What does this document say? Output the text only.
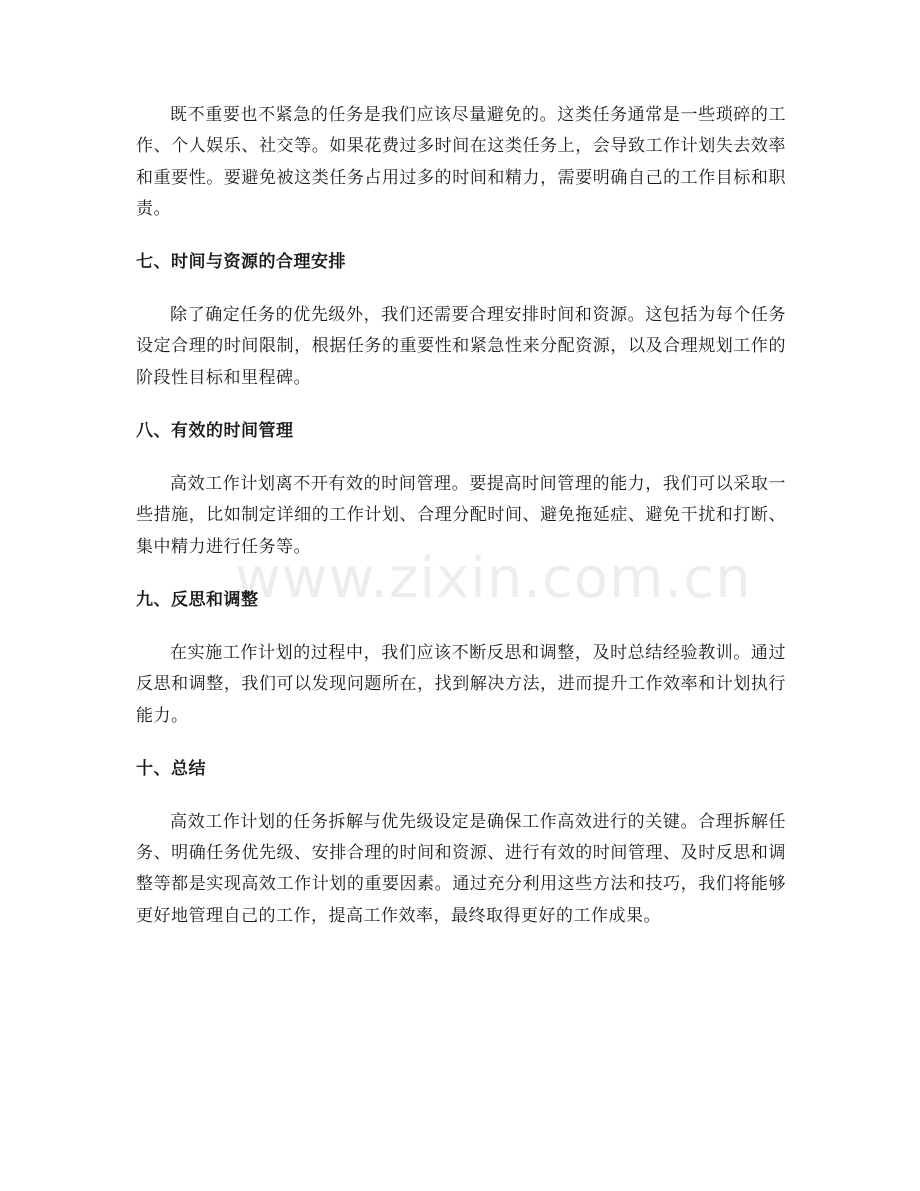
既不重要也不紧急的任务是我们应该尽量避免的。这类任务通常是一些琐碎的工作、个人娱乐、社交等。如果花费过多时间在这类任务上，会导致工作计划失去效率和重要性。要避免被这类任务占用过多的时间和精力，需要明确自己的工作目标和职责。

七、时间与资源的合理安排

除了确定任务的优先级外，我们还需要合理安排时间和资源。这包括为每个任务设定合理的时间限制，根据任务的重要性和紧急性来分配资源，以及合理规划工作的阶段性目标和里程碑。

八、有效的时间管理

高效工作计划离不开有效的时间管理。要提高时间管理的能力，我们可以采取一些措施，比如制定详细的工作计划、合理分配时间、避免拖延症、避免干扰和打断、集中精力进行任务等。

九、反思和调整

在实施工作计划的过程中，我们应该不断反思和调整，及时总结经验教训。通过反思和调整，我们可以发现问题所在，找到解决方法，进而提升工作效率和计划执行能力。

十、总结

高效工作计划的任务拆解与优先级设定是确保工作高效进行的关键。合理拆解任务、明确任务优先级、安排合理的时间和资源、进行有效的时间管理、及时反思和调整等都是实现高效工作计划的重要因素。通过充分利用这些方法和技巧，我们将能够更好地管理自己的工作，提高工作效率，最终取得更好的工作成果。

www.zixin.com.cn
